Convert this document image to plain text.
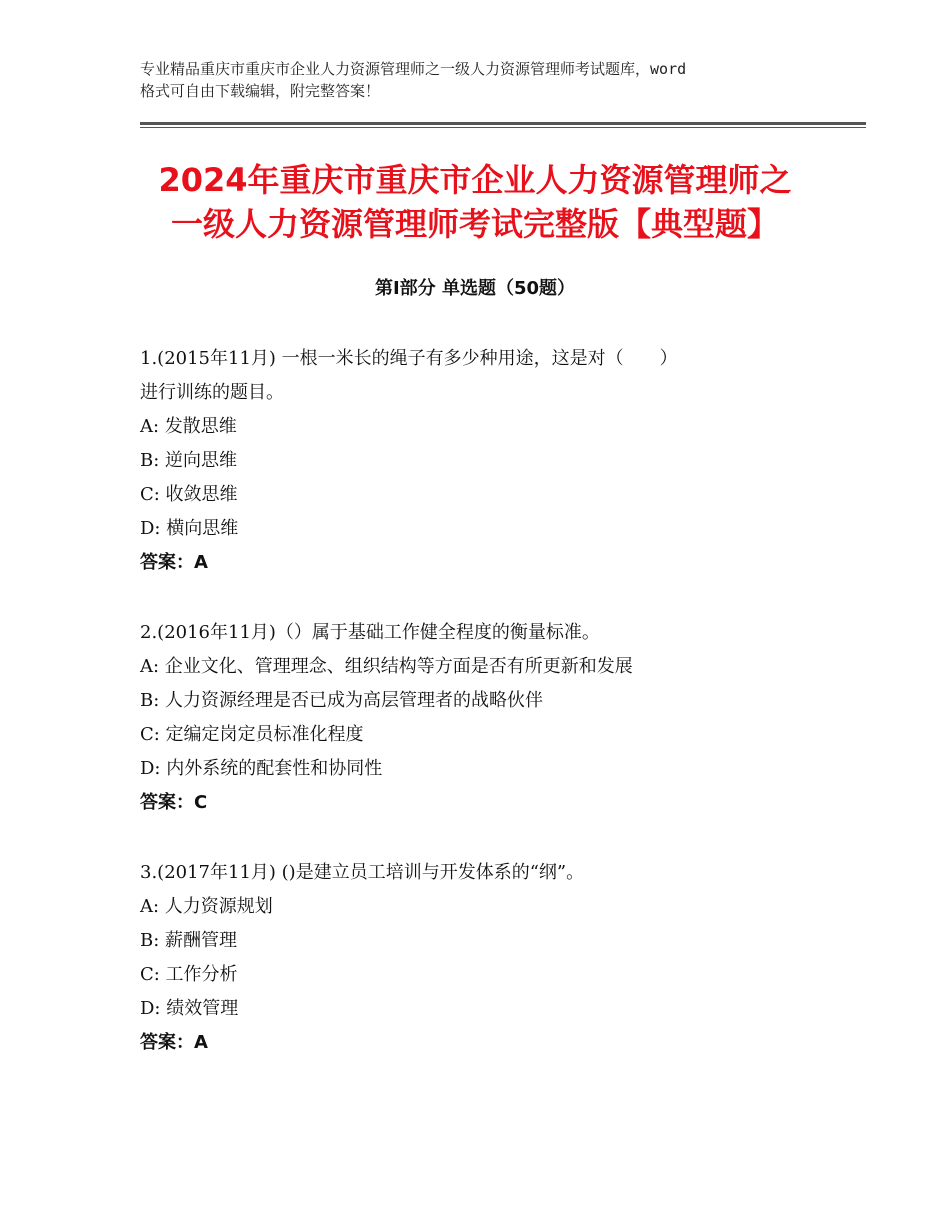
专业精品重庆市重庆市企业人力资源管理师之一级人力资源管理师考试题库，word
格式可自由下载编辑，附完整答案！
2024年重庆市重庆市企业人力资源管理师之
一级人力资源管理师考试完整版【典型题】
第Ⅰ部分 单选题（50题）
1.(2015年11月) 一根一米长的绳子有多少种用途，这是对（　　）
进行训练的题目。
A: 发散思维
B: 逆向思维
C: 收敛思维
D: 横向思维
答案：A
2.(2016年11月)（）属于基础工作健全程度的衡量标准。
A: 企业文化、管理理念、组织结构等方面是否有所更新和发展
B: 人力资源经理是否已成为高层管理者的战略伙伴
C: 定编定岗定员标准化程度
D: 内外系统的配套性和协同性
答案：C
3.(2017年11月) ()是建立员工培训与开发体系的“纲”。
A: 人力资源规划
B: 薪酬管理
C: 工作分析
D: 绩效管理
答案：A
